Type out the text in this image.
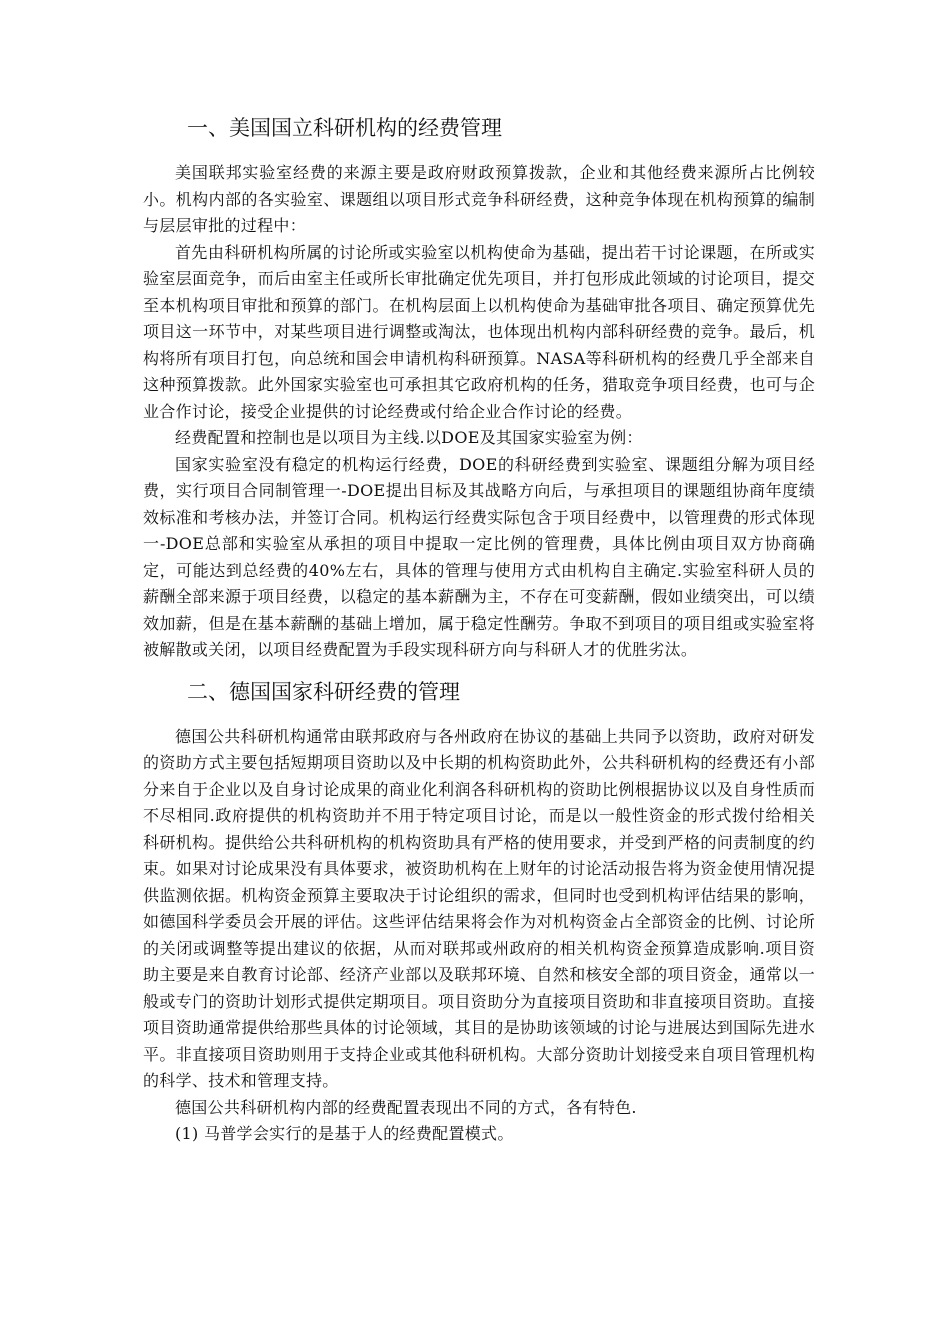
一、美国国立科研机构的经费管理

美国联邦实验室经费的来源主要是政府财政预算拨款，企业和其他经费来源所占比例较小。机构内部的各实验室、课题组以项目形式竞争科研经费，这种竞争体现在机构预算的编制与层层审批的过程中：

首先由科研机构所属的讨论所或实验室以机构使命为基础，提出若干讨论课题，在所或实验室层面竞争，而后由室主任或所长审批确定优先项目，并打包形成此领域的讨论项目，提交至本机构项目审批和预算的部门。在机构层面上以机构使命为基础审批各项目、确定预算优先项目这一环节中，对某些项目进行调整或淘汰，也体现出机构内部科研经费的竞争。最后，机构将所有项目打包，向总统和国会申请机构科研预算。NASA等科研机构的经费几乎全部来自这种预算拨款。此外国家实验室也可承担其它政府机构的任务，猎取竞争项目经费，也可与企业合作讨论，接受企业提供的讨论经费或付给企业合作讨论的经费。

经费配置和控制也是以项目为主线.以DOE及其国家实验室为例：

国家实验室没有稳定的机构运行经费，DOE的科研经费到实验室、课题组分解为项目经费，实行项目合同制管理一-DOE提出目标及其战略方向后，与承担项目的课题组协商年度绩效标准和考核办法，并签订合同。机构运行经费实际包含于项目经费中，以管理费的形式体现一-DOE总部和实验室从承担的项目中提取一定比例的管理费，具体比例由项目双方协商确定，可能达到总经费的40%左右，具体的管理与使用方式由机构自主确定.实验室科研人员的薪酬全部来源于项目经费，以稳定的基本薪酬为主，不存在可变薪酬，假如业绩突出，可以绩效加薪，但是在基本薪酬的基础上增加，属于稳定性酬劳。争取不到项目的项目组或实验室将被解散或关闭，以项目经费配置为手段实现科研方向与科研人才的优胜劣汰。

二、德国国家科研经费的管理

德国公共科研机构通常由联邦政府与各州政府在协议的基础上共同予以资助，政府对研发的资助方式主要包括短期项目资助以及中长期的机构资助此外，公共科研机构的经费还有小部分来自于企业以及自身讨论成果的商业化利润各科研机构的资助比例根据协议以及自身性质而不尽相同.政府提供的机构资助并不用于特定项目讨论，而是以一般性资金的形式拨付给相关科研机构。提供给公共科研机构的机构资助具有严格的使用要求，并受到严格的问责制度的约束。如果对讨论成果没有具体要求，被资助机构在上财年的讨论活动报告将为资金使用情况提供监测依据。机构资金预算主要取决于讨论组织的需求，但同时也受到机构评估结果的影响，如德国科学委员会开展的评估。这些评估结果将会作为对机构资金占全部资金的比例、讨论所的关闭或调整等提出建议的依据，从而对联邦或州政府的相关机构资金预算造成影响.项目资助主要是来自教育讨论部、经济产业部以及联邦环境、自然和核安全部的项目资金，通常以一般或专门的资助计划形式提供定期项目。项目资助分为直接项目资助和非直接项目资助。直接项目资助通常提供给那些具体的讨论领域，其目的是协助该领域的讨论与进展达到国际先进水平。非直接项目资助则用于支持企业或其他科研机构。大部分资助计划接受来自项目管理机构的科学、技术和管理支持。

德国公共科研机构内部的经费配置表现出不同的方式，各有特色.

(1) 马普学会实行的是基于人的经费配置模式。
